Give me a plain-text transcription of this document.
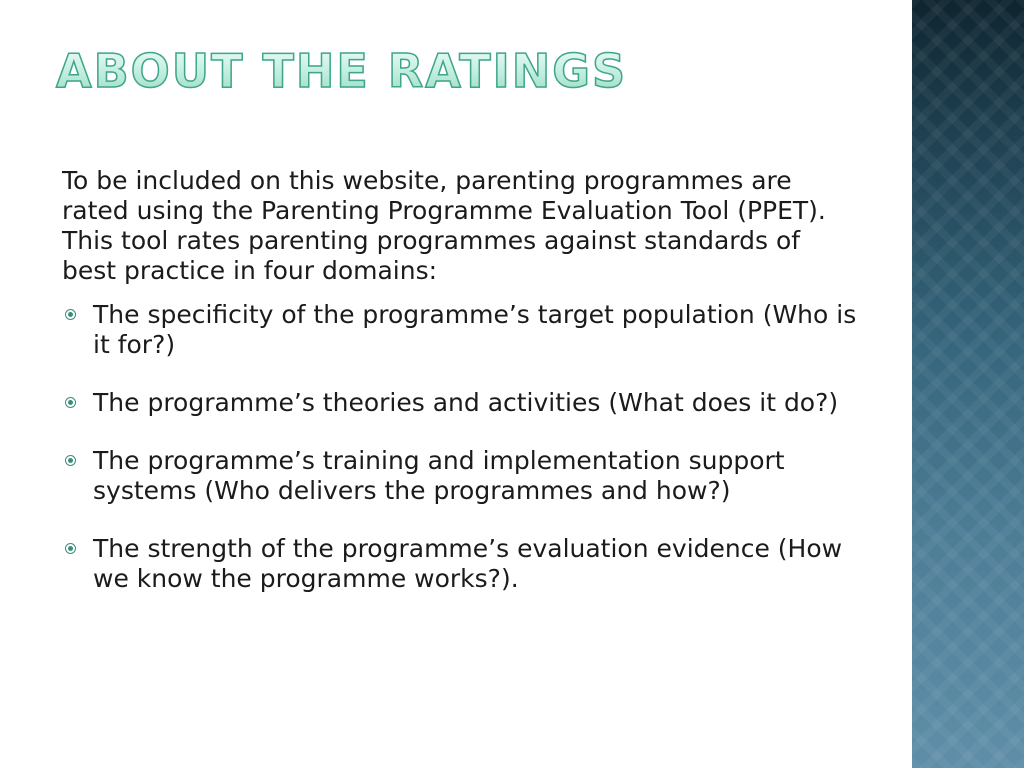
ABOUT THE RATINGS

To be included on this website, parenting programmes are rated using the Parenting Programme Evaluation Tool (PPET). This tool rates parenting programmes against standards of best practice in four domains:

The specificity of the programme’s target population (Who is it for?)
The programme’s theories and activities (What does it do?)
The programme’s training and implementation support systems (Who delivers the programmes and how?)
The strength of the programme’s evaluation evidence (How we know the programme works?).
